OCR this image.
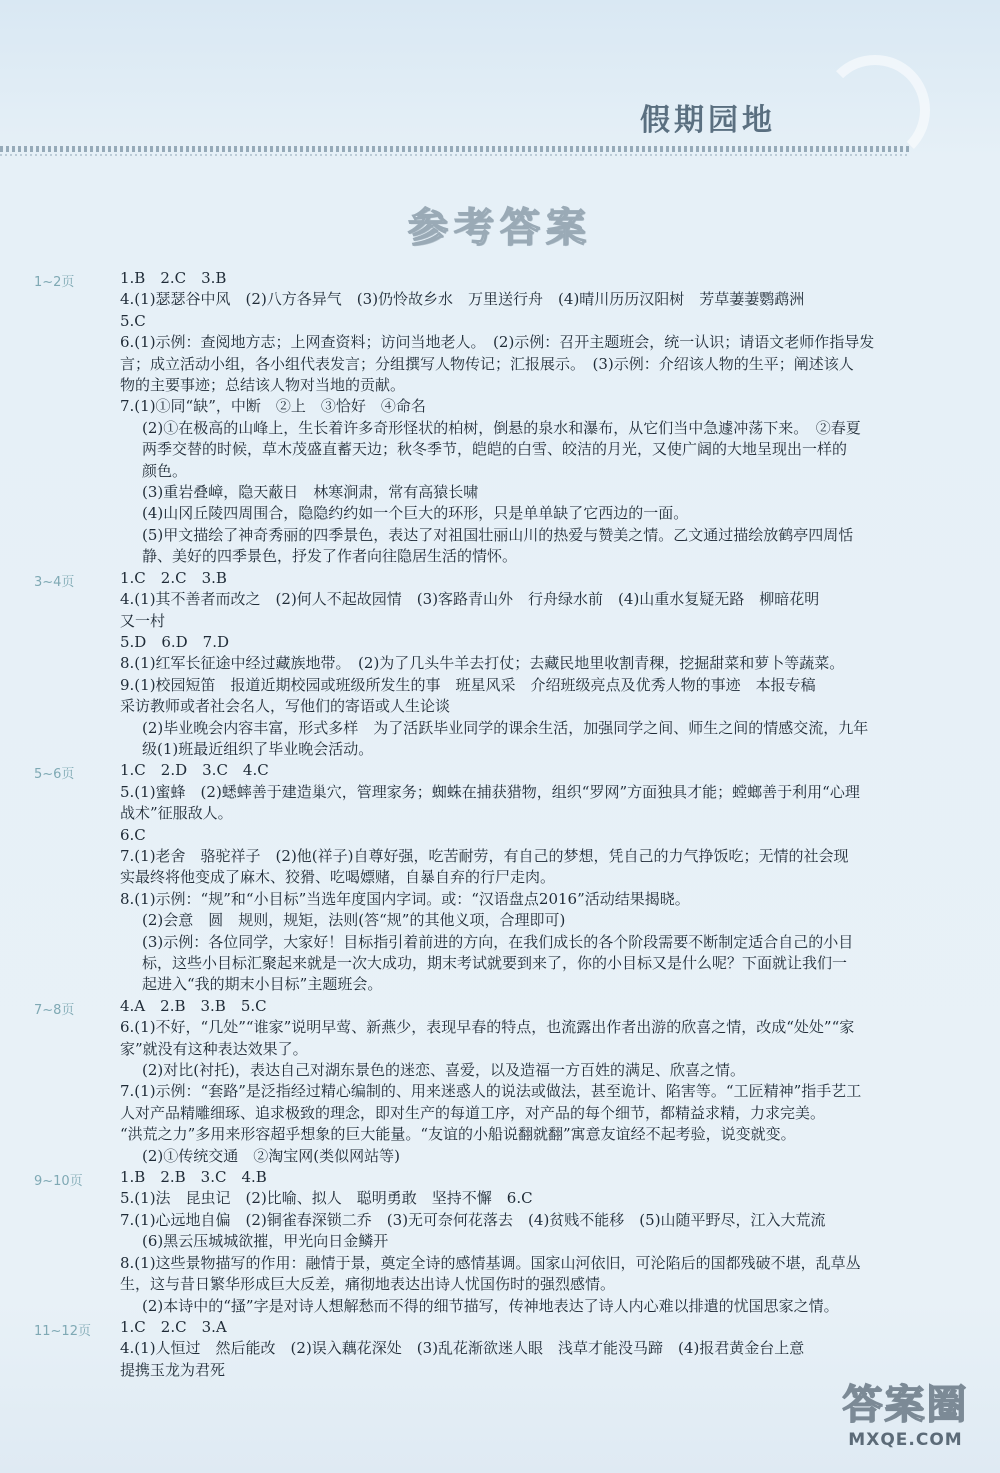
假期园地
参考答案
1~2页	1.B　2.C　3.B
4.(1)瑟瑟谷中风　(2)八方各异气　(3)仍怜故乡水　万里送行舟　(4)晴川历历汉阳树　芳草萋萋鹦鹉洲
5.C
6.(1)示例：查阅地方志；上网查资料；访问当地老人。　(2)示例：召开主题班会，统一认识；请语文老师作指导发
言；成立活动小组，各小组代表发言；分组撰写人物传记；汇报展示。　(3)示例：介绍该人物的生平；阐述该人
物的主要事迹；总结该人物对当地的贡献。
7.(1)①同“缺”，中断　②上　③恰好　④命名
(2)①在极高的山峰上，生长着许多奇形怪状的柏树，倒悬的泉水和瀑布，从它们当中急遽冲荡下来。　②春夏
两季交替的时候，草木茂盛直蓄天边；秋冬季节，皑皑的白雪、皎洁的月光，又使广阔的大地呈现出一样的
颜色。
(3)重岩叠嶂，隐天蔽日　林寒涧肃，常有高猿长啸
(4)山冈丘陵四周围合，隐隐约约如一个巨大的环形，只是单单缺了它西边的一面。
(5)甲文描绘了神奇秀丽的四季景色，表达了对祖国壮丽山川的热爱与赞美之情。乙文通过描绘放鹤亭四周恬
静、美好的四季景色，抒发了作者向往隐居生活的情怀。
3~4页	1.C　2.C　3.B
4.(1)其不善者而改之　(2)何人不起故园情　(3)客路青山外　行舟绿水前　(4)山重水复疑无路　柳暗花明
又一村
5.D　6.D　7.D
8.(1)红军长征途中经过藏族地带。　(2)为了几头牛羊去打仗；去藏民地里收割青稞，挖掘甜菜和萝卜等蔬菜。
9.(1)校园短笛　报道近期校园或班级所发生的事　班星风采　介绍班级亮点及优秀人物的事迹　本报专稿
采访教师或者社会名人，写他们的寄语或人生论谈
(2)毕业晚会内容丰富，形式多样　为了活跃毕业同学的课余生活，加强同学之间、师生之间的情感交流，九年
级(1)班最近组织了毕业晚会活动。
5~6页	1.C　2.D　3.C　4.C
5.(1)蜜蜂　(2)蟋蟀善于建造巢穴，管理家务；蜘蛛在捕获猎物，组织“罗网”方面独具才能；螳螂善于利用“心理
战术”征服敌人。
6.C
7.(1)老舍　骆驼祥子　(2)他(祥子)自尊好强，吃苦耐劳，有自己的梦想，凭自己的力气挣饭吃；无情的社会现
实最终将他变成了麻木、狡猾、吃喝嫖赌，自暴自弃的行尸走肉。
8.(1)示例：“规”和“小目标”当选年度国内字词。或：“汉语盘点2016”活动结果揭晓。
(2)会意　圆　规则，规矩，法则(答“规”的其他义项，合理即可)
(3)示例：各位同学，大家好！目标指引着前进的方向，在我们成长的各个阶段需要不断制定适合自己的小目
标，这些小目标汇聚起来就是一次大成功，期末考试就要到来了，你的小目标又是什么呢？下面就让我们一
起进入“我的期末小目标”主题班会。
7~8页	4.A　2.B　3.B　5.C
6.(1)不好，“几处”“谁家”说明早莺、新燕少，表现早春的特点，也流露出作者出游的欣喜之情，改成“处处”“家
家”就没有这种表达效果了。
(2)对比(衬托)，表达自己对湖东景色的迷恋、喜爱，以及造福一方百姓的满足、欣喜之情。
7.(1)示例：“套路”是泛指经过精心编制的、用来迷惑人的说法或做法，甚至诡计、陷害等。“工匠精神”指手艺工
人对产品精雕细琢、追求极致的理念，即对生产的每道工序，对产品的每个细节，都精益求精，力求完美。
“洪荒之力”多用来形容超乎想象的巨大能量。“友谊的小船说翻就翻”寓意友谊经不起考验，说变就变。
(2)①传统交通　②淘宝网(类似网站等)
9~10页	1.B　2.B　3.C　4.B
5.(1)法　昆虫记　(2)比喻、拟人　聪明勇敢　坚持不懈　6.C
7.(1)心远地自偏　(2)铜雀春深锁二乔　(3)无可奈何花落去　(4)贫贱不能移　(5)山随平野尽，江入大荒流
(6)黑云压城城欲摧，甲光向日金鳞开
8.(1)这些景物描写的作用：融情于景，奠定全诗的感情基调。国家山河依旧，可沦陷后的国都残破不堪，乱草丛
生，这与昔日繁华形成巨大反差，痛彻地表达出诗人忧国伤时的强烈感情。
(2)本诗中的“搔”字是对诗人想解愁而不得的细节描写，传神地表达了诗人内心难以排遣的忧国思家之情。
11~12页	1.C　2.C　3.A
4.(1)人恒过　然后能改　(2)误入藕花深处　(3)乱花渐欲迷人眼　浅草才能没马蹄　(4)报君黄金台上意
提携玉龙为君死
答案圈
MXQE.COM
